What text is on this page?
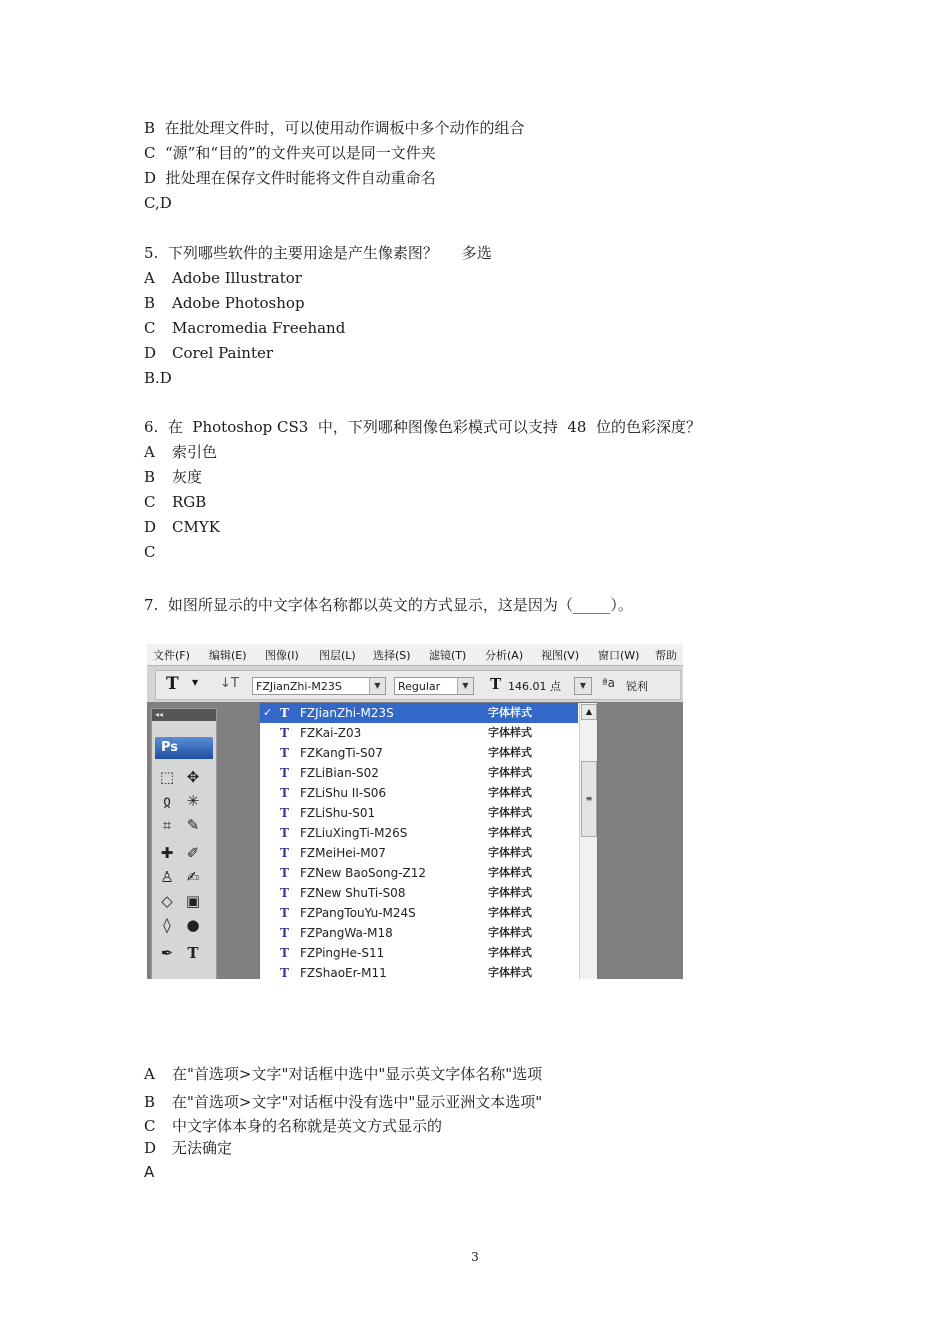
B  在批处理文件时，可以使用动作调板中多个动作的组合
C  “源”和“目的”的文件夹可以是同一文件夹
D  批处理在保存文件时能将文件自动重命名
C,D
5.  下列哪些软件的主要用途是产生像素图？     多选
A Adobe Illustrator
B Adobe Photoshop
C Macromedia Freehand
D Corel Painter
B.D
6.  在  Photoshop CS3  中，下列哪种图像色彩模式可以支持  48  位的色彩深度？
A 索引色
B 灰度
C RGB
D CMYK
C
7.  如图所显示的中文字体名称都以英文的方式显示，这是因为（_____）。
文件(F) 编辑(E) 图像(I) 图层(L) 选择(S) 滤镜(T) 分析(A) 视图(V) 窗口(W) 帮助
T ▼ ↓T	FZJianZhi-M23S	▼	Regular	▼ T 146.01 点	▼	ªa 锐利
◂◂
Ps
⬚ ✥
ჲ	✳
⌗	✎
✚ ✐
♙ ✍
◇ ▣
◊	●
✒ T
✓ T FZJianZhi-M23S	字体样式
T FZKai-Z03	字体样式
T FZKangTi-S07	字体样式
T FZLiBian-S02	字体样式
T FZLiShu II-S06	字体样式
T FZLiShu-S01	字体样式
T FZLiuXingTi-M26S	字体样式
T FZMeiHei-M07	字体样式
T FZNew BaoSong-Z12	字体样式
T FZNew ShuTi-S08	字体样式
T FZPangTouYu-M24S	字体样式
T FZPangWa-M18	字体样式
T FZPingHe-S11	字体样式
T FZShaoEr-M11	字体样式
▲
≡
A 在"首选项>文字"对话框中选中"显示英文字体名称"选项
B 在"首选项>文字"对话框中没有选中"显示亚洲文本选项"
C 中文字体本身的名称就是英文方式显示的
D 无法确定
A
3
